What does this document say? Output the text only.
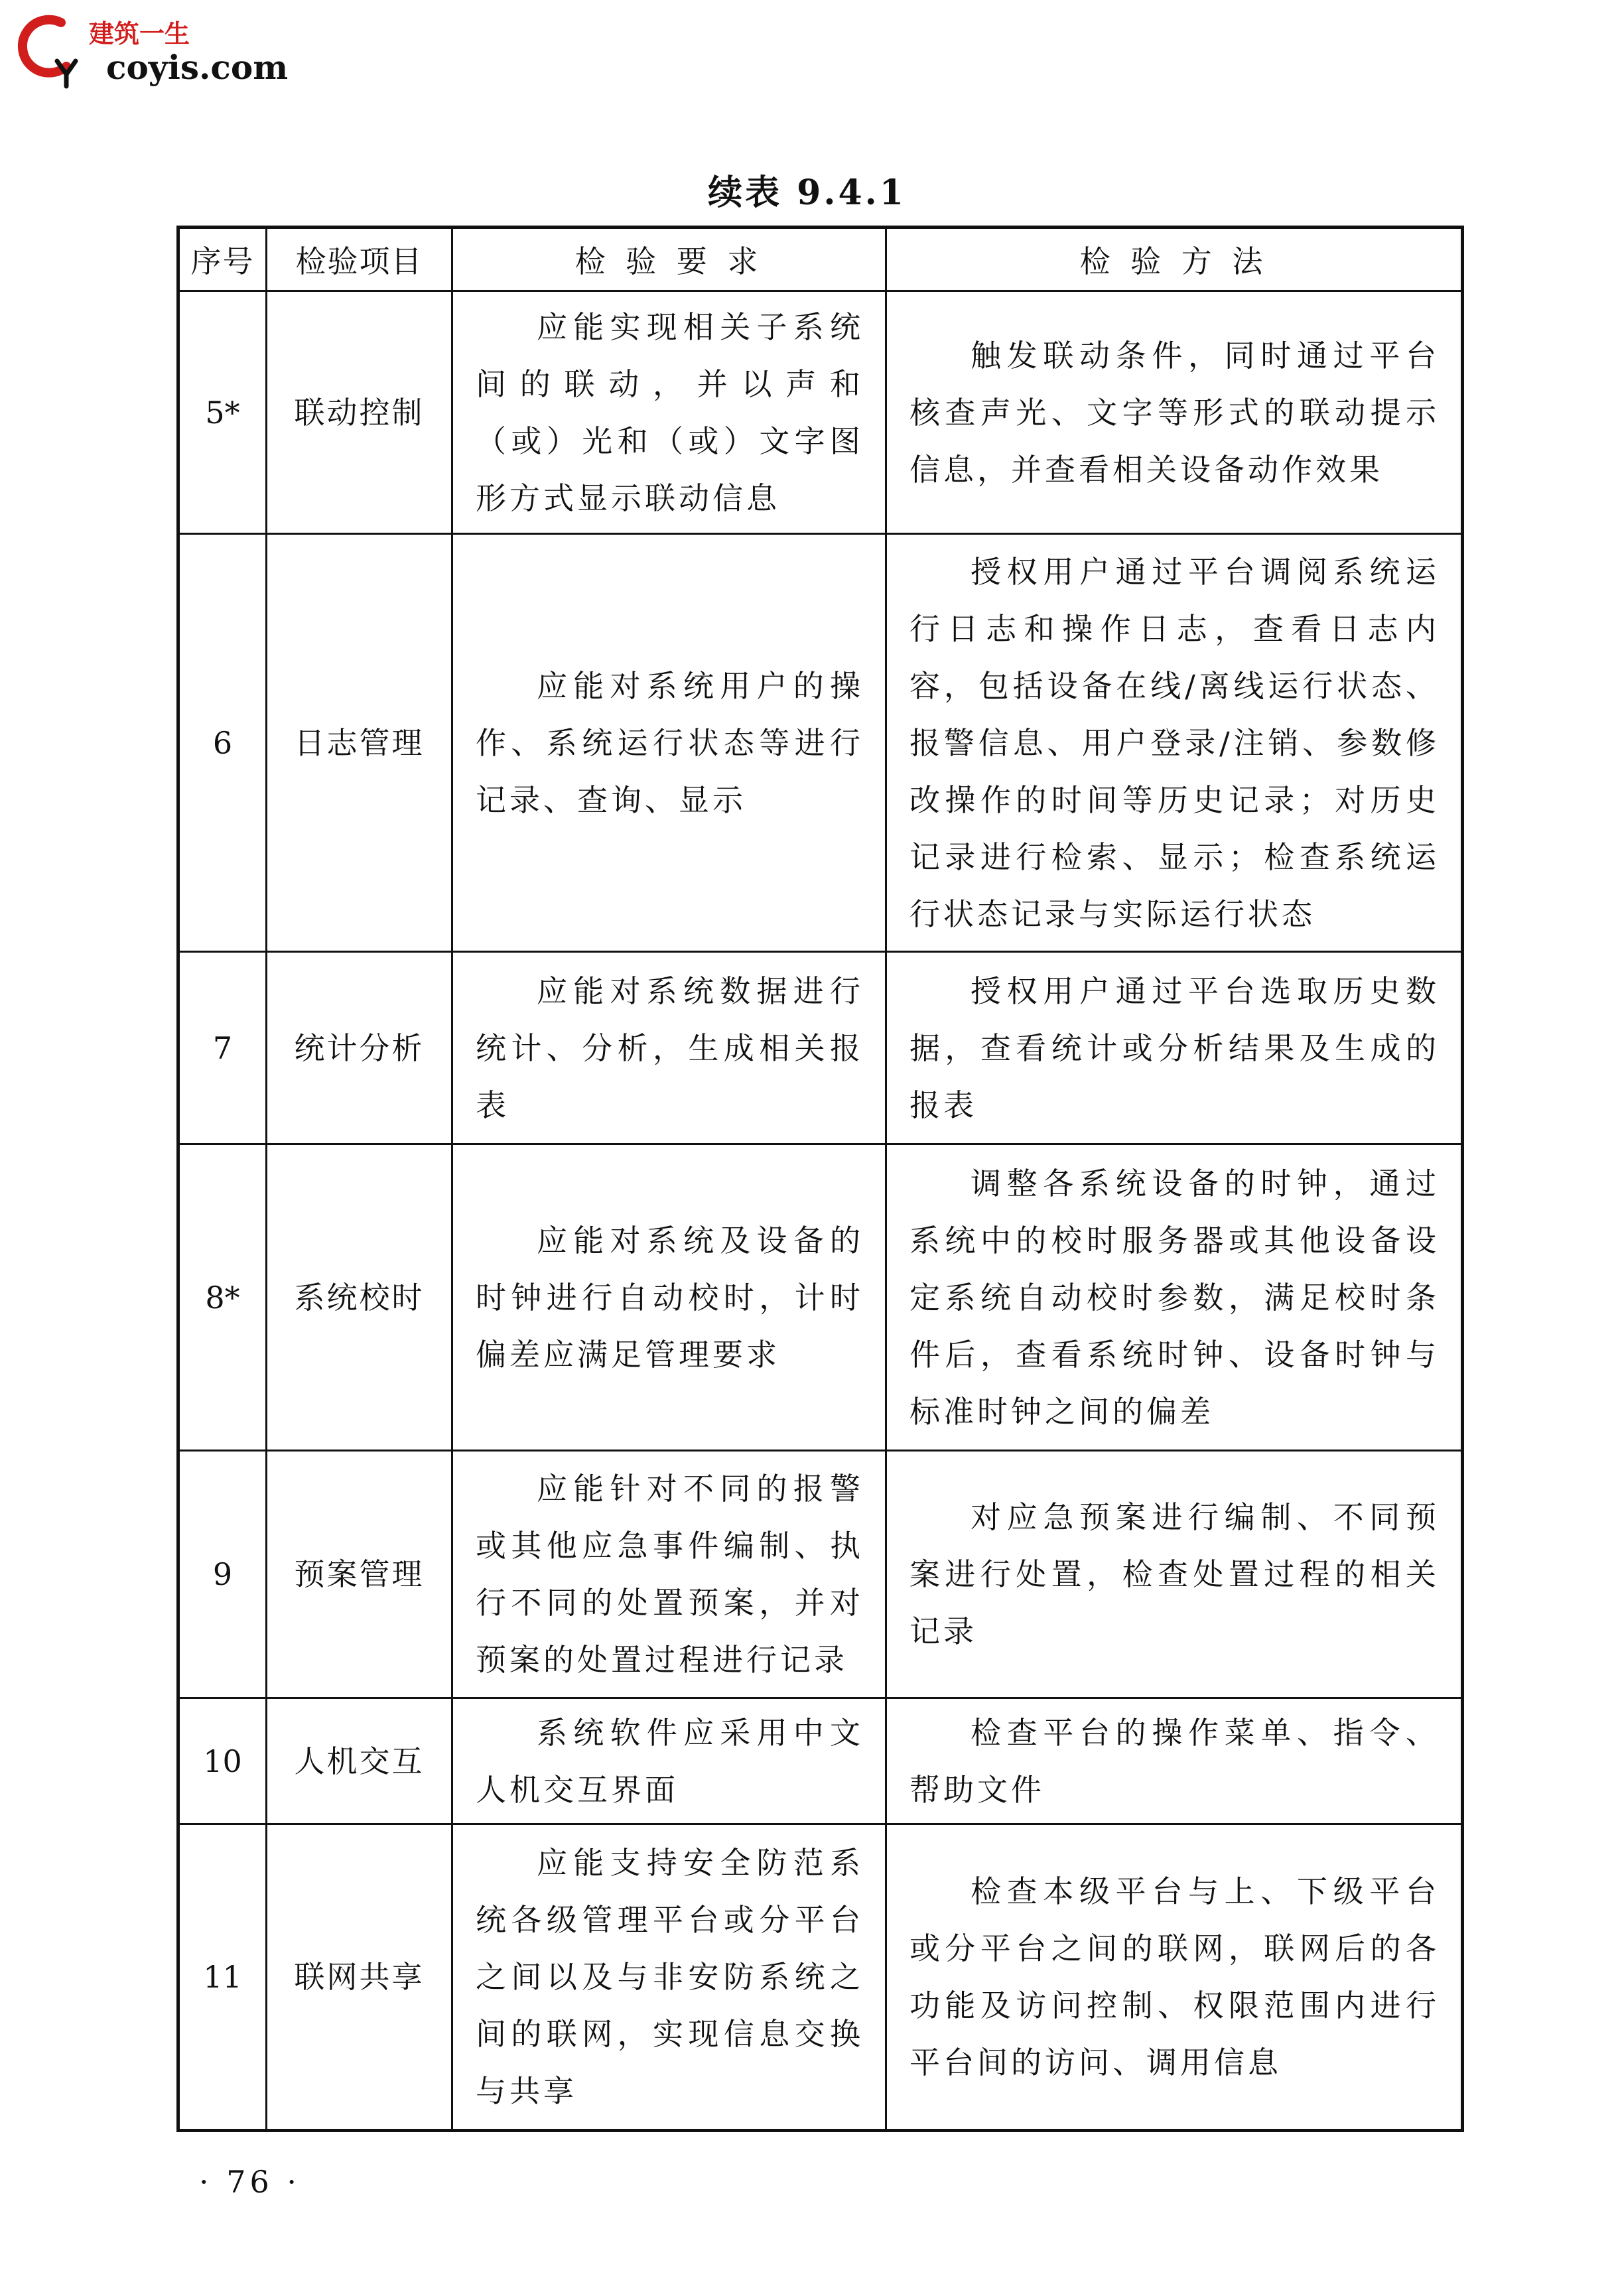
建筑一生
coyis.com
续表 9.4.1
序号	检验项目	检 验 要 求	检 验 方 法
5*	联动控制	应能实现相关子系统间的联动，并以声和（或）光和（或）文字图形方式显示联动信息	触发联动条件，同时通过平台核查声光、文字等形式的联动提示信息，并查看相关设备动作效果

6	日志管理	应能对系统用户的操作、系统运行状态等进行记录、查询、显示	授权用户通过平台调阅系统运行日志和操作日志，查看日志内容，包括设备在线/离线运行状态、报警信息、用户登录/注销、参数修改操作的时间等历史记录；对历史记录进行检索、显示；检查系统运行状态记录与实际运行状态

7	统计分析	应能对系统数据进行统计、分析，生成相关报表	授权用户通过平台选取历史数据，查看统计或分析结果及生成的报表

8*	系统校时	应能对系统及设备的时钟进行自动校时，计时偏差应满足管理要求	调整各系统设备的时钟，通过系统中的校时服务器或其他设备设定系统自动校时参数，满足校时条件后，查看系统时钟、设备时钟与标准时钟之间的偏差

9	预案管理	应能针对不同的报警或其他应急事件编制、执行不同的处置预案，并对预案的处置过程进行记录	对应急预案进行编制、不同预案进行处置，检查处置过程的相关记录

10	人机交互	系统软件应采用中文人机交互界面	检查平台的操作菜单、指令、帮助文件

11	联网共享	应能支持安全防范系统各级管理平台或分平台之间以及与非安防系统之间的联网，实现信息交换与共享	检查本级平台与上、下级平台或分平台之间的联网，联网后的各功能及访问控制、权限范围内进行平台间的访问、调用信息
· 76 ·
